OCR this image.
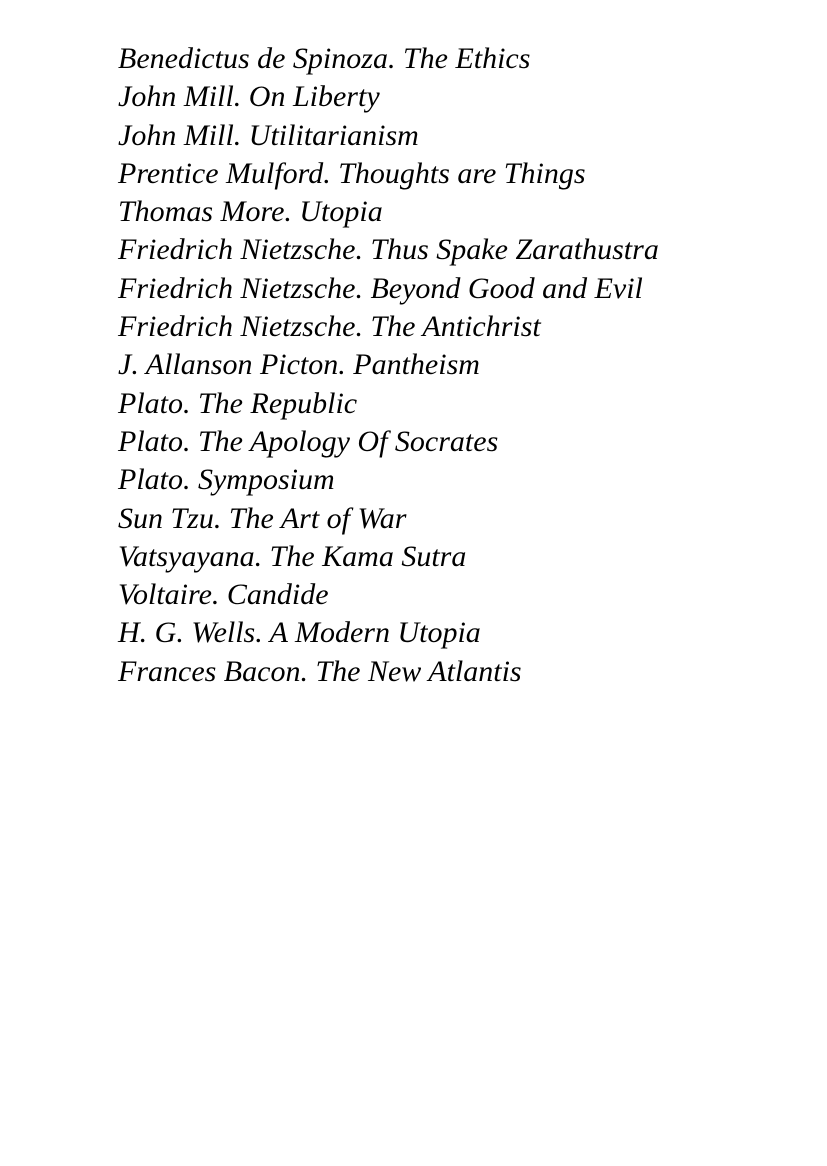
Benedictus de Spinoza. The Ethics
John Mill. On Liberty
John Mill. Utilitarianism
Prentice Mulford. Thoughts are Things
Thomas More. Utopia
Friedrich Nietzsche. Thus Spake Zarathustra
Friedrich Nietzsche. Beyond Good and Evil
Friedrich Nietzsche. The Antichrist
J. Allanson Picton. Pantheism
Plato. The Republic
Plato. The Apology Of Socrates
Plato. Symposium
Sun Tzu. The Art of War
Vatsyayana. The Kama Sutra
Voltaire. Candide
H. G. Wells. A Modern Utopia
Frances Bacon. The New Atlantis
